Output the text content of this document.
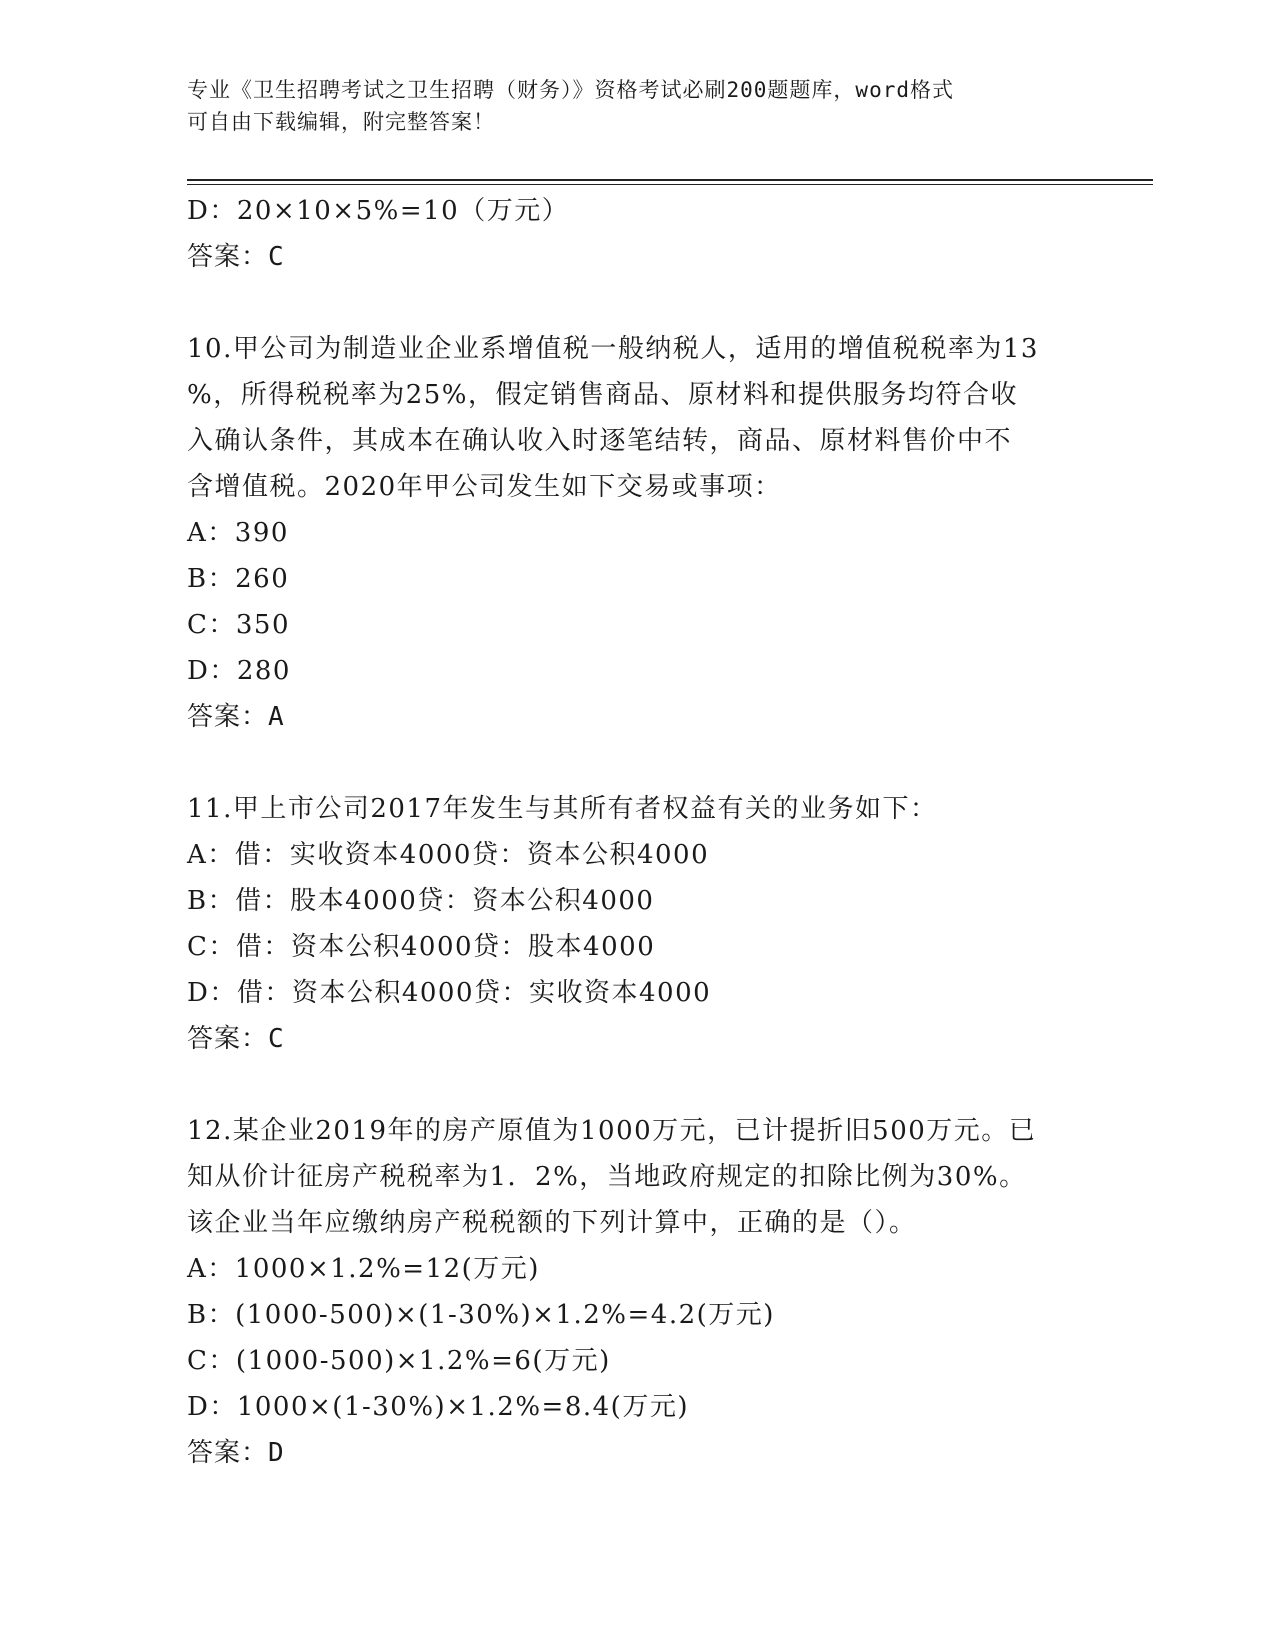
专业《卫生招聘考试之卫生招聘（财务）》资格考试必刷200题题库，word格式
可自由下载编辑，附完整答案！
D：20×10×5%=10（万元）
答案：C
10.甲公司为制造业企业系增值税一般纳税人，适用的增值税税率为13
%，所得税税率为25%，假定销售商品、原材料和提供服务均符合收
入确认条件，其成本在确认收入时逐笔结转，商品、原材料售价中不
含增值税。2020年甲公司发生如下交易或事项：
A：390
B：260
C：350
D：280
答案：A
11.甲上市公司2017年发生与其所有者权益有关的业务如下：
A：借：实收资本4000贷：资本公积4000
B：借：股本4000贷：资本公积4000
C：借：资本公积4000贷：股本4000
D：借：资本公积4000贷：实收资本4000
答案：C
12.某企业2019年的房产原值为1000万元，已计提折旧500万元。已
知从价计征房产税税率为1．2%，当地政府规定的扣除比例为30%。
该企业当年应缴纳房产税税额的下列计算中，正确的是（）。
A：1000×1.2%=12(万元)
B：(1000-500)×(1-30%)×1.2%=4.2(万元)
C：(1000-500)×1.2%=6(万元)
D：1000×(1-30%)×1.2%=8.4(万元)
答案：D
